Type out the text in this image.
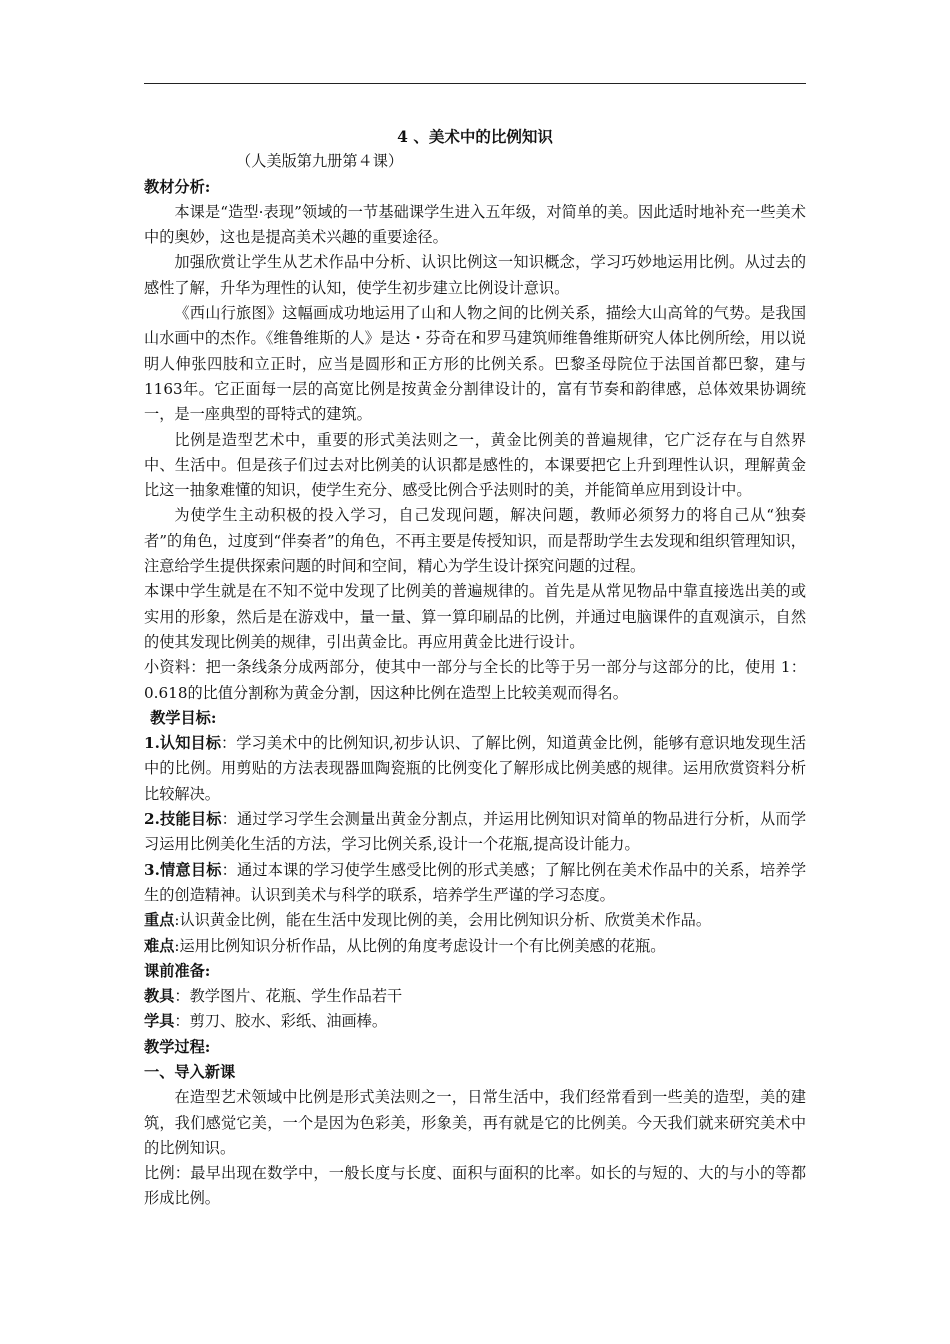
4 、美术中的比例知识
（人美版第九册第４课）
教材分析:
本课是“造型·表现”领域的一节基础课学生进入五年级，对简单的美。因此适时地补充一些美术中的奥妙，这也是提高美术兴趣的重要途径。
加强欣赏让学生从艺术作品中分析、认识比例这一知识概念，学习巧妙地运用比例。从过去的感性了解，升华为理性的认知，使学生初步建立比例设计意识。
《西山行旅图》这幅画成功地运用了山和人物之间的比例关系，描绘大山高耸的气势。是我国山水画中的杰作。《维鲁维斯的人》是达・芬奇在和罗马建筑师维鲁维斯研究人体比例所绘，用以说明人伸张四肢和立正时，应当是圆形和正方形的比例关系。巴黎圣母院位于法国首都巴黎，建与1163年。它正面每一层的高宽比例是按黄金分割律设计的，富有节奏和韵律感，总体效果协调统一，是一座典型的哥特式的建筑。
比例是造型艺术中，重要的形式美法则之一，黄金比例美的普遍规律，它广泛存在与自然界中、生活中。但是孩子们过去对比例美的认识都是感性的，本课要把它上升到理性认识，理解黄金比这一抽象难懂的知识，使学生充分、感受比例合乎法则时的美，并能简单应用到设计中。
为使学生主动积极的投入学习，自己发现问题，解决问题，教师必须努力的将自己从“独奏者”的角色，过度到“伴奏者”的角色，不再主要是传授知识，而是帮助学生去发现和组织管理知识，注意给学生提供探索问题的时间和空间，精心为学生设计探究问题的过程。
本课中学生就是在不知不觉中发现了比例美的普遍规律的。首先是从常见物品中靠直接选出美的或实用的形象，然后是在游戏中，量一量、算一算印刷品的比例，并通过电脑课件的直观演示，自然的使其发现比例美的规律，引出黄金比。再应用黄金比进行设计。
小资料：把一条线条分成两部分，使其中一部分与全长的比等于另一部分与这部分的比，使用 1：0.618的比值分割称为黄金分割，因这种比例在造型上比较美观而得名。
教学目标:
1.认知目标：学习美术中的比例知识,初步认识、了解比例，知道黄金比例，能够有意识地发现生活中的比例。用剪贴的方法表现器皿陶瓷瓶的比例变化了解形成比例美感的规律。运用欣赏资料分析比较解决。
2.技能目标：通过学习学生会测量出黄金分割点，并运用比例知识对简单的物品进行分析，从而学习运用比例美化生活的方法，学习比例关系,设计一个花瓶,提高设计能力。
3.情意目标：通过本课的学习使学生感受比例的形式美感；了解比例在美术作品中的关系，培养学生的创造精神。认识到美术与科学的联系，培养学生严谨的学习态度。
重点:认识黄金比例，能在生活中发现比例的美，会用比例知识分析、欣赏美术作品。
难点:运用比例知识分析作品，从比例的角度考虑设计一个有比例美感的花瓶。
课前准备:
教具：教学图片、花瓶、学生作品若干
学具：剪刀、胶水、彩纸、油画棒。
教学过程:
一、导入新课
在造型艺术领域中比例是形式美法则之一，日常生活中，我们经常看到一些美的造型，美的建筑，我们感觉它美，一个是因为色彩美，形象美，再有就是它的比例美。今天我们就来研究美术中的比例知识。
比例：最早出现在数学中，一般长度与长度、面积与面积的比率。如长的与短的、大的与小的等都形成比例。
